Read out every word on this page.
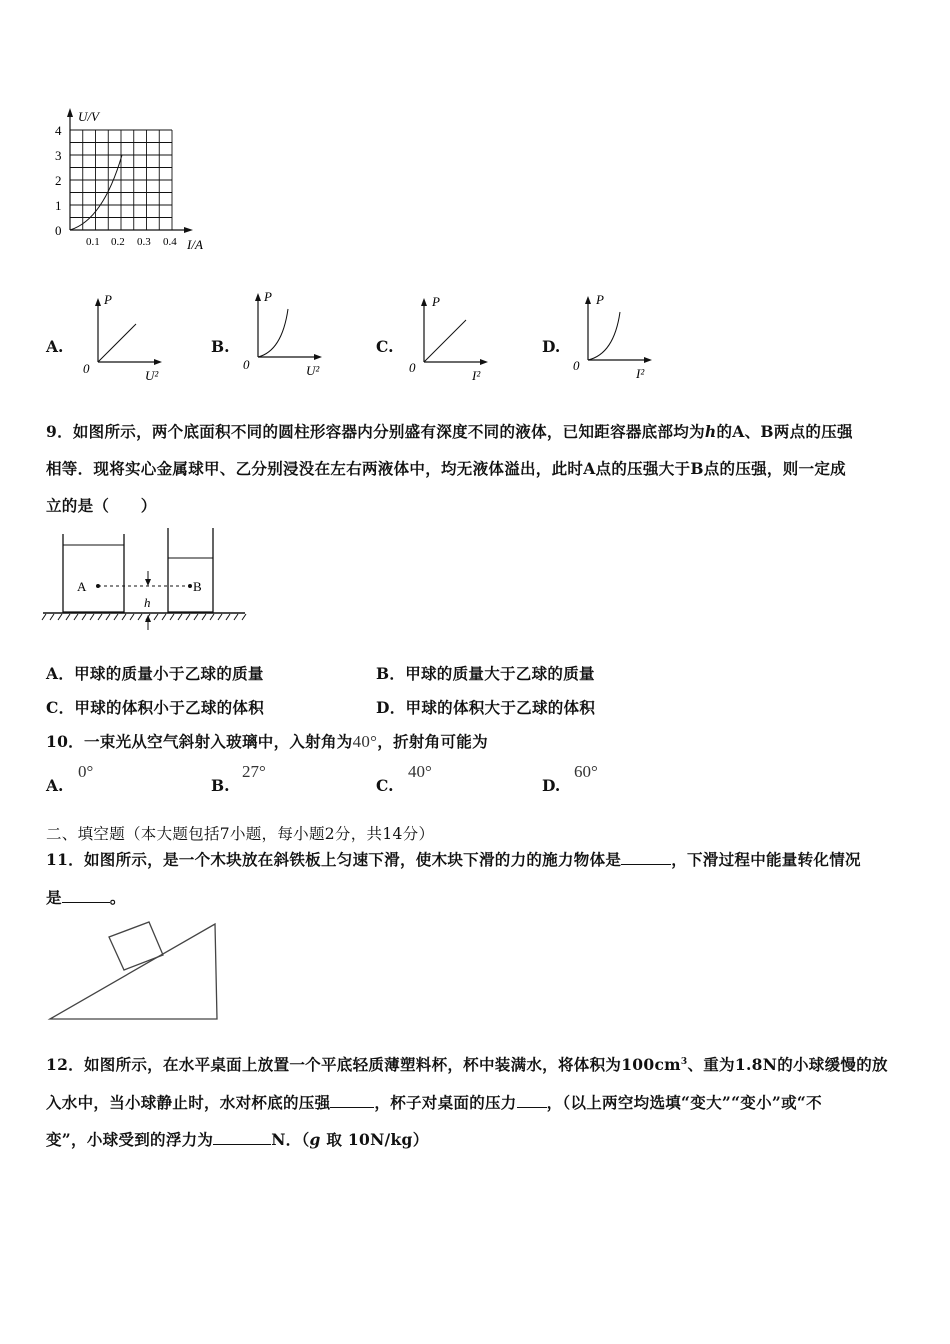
U/V
I/A
4
3
2
1
0
0.1 0.2 0.3 0.4
A.
P
0	U²
B.
P
0	U²
C.
P
0
I²
D.
P
0
I²
9．如图所示，两个底面积不同的圆柱形容器内分别盛有深度不同的液体，已知距容器底部均为h的A、B两点的压强
相等．现将实心金属球甲、乙分别浸没在左右两液体中，均无液体溢出，此时A点的压强大于B点的压强，则一定成
立的是（　　）
A	B
h
A．甲球的质量小于乙球的质量	B．甲球的质量大于乙球的质量
C．甲球的体积小于乙球的体积	D．甲球的体积大于乙球的体积
10．一束光从空气斜射入玻璃中，入射角为40°，折射角可能为
A.
0°
B.
27°
C.
40°
D.
60°
二、填空题（本大题包括7小题，每小题2分，共14分）
11．如图所示，是一个木块放在斜铁板上匀速下滑，使木块下滑的力的施力物体是	，下滑过程中能量转化情况
是	。
12．如图所示，在水平桌面上放置一个平底轻质薄塑料杯，杯中装满水，将体积为$100cm^3$、重为1.8N的小球缓慢的放
入水中，当小球静止时，水对杯底的压强	，杯子对桌面的压力 ，（以上两空均选填“变大”“变小”或“不
变”，小球受到的浮力为	N．（g 取 10N/kg）
